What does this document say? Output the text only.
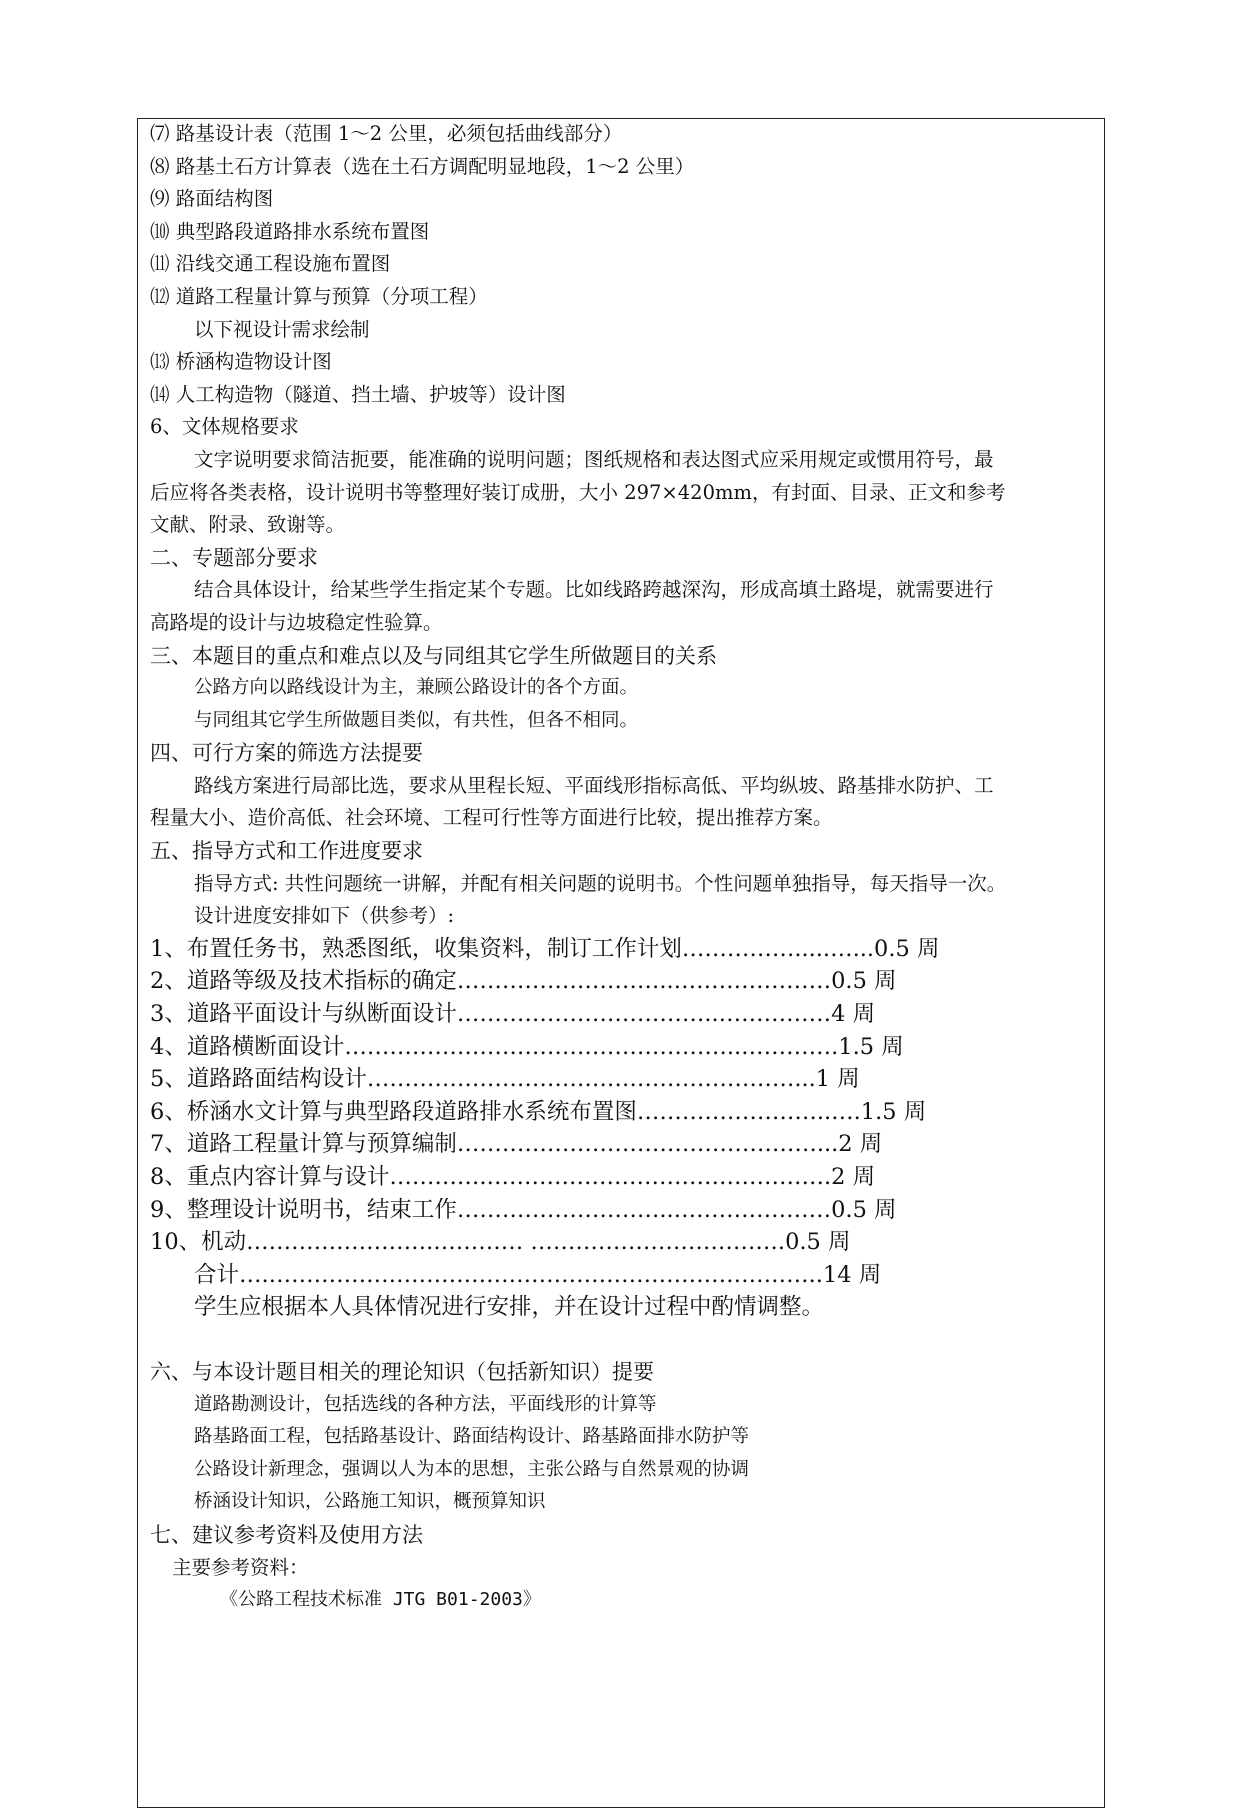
⑺ 路基设计表（范围 1～2 公里，必须包括曲线部分）
⑻ 路基土石方计算表（选在土石方调配明显地段，1～2 公里）
⑼ 路面结构图
⑽ 典型路段道路排水系统布置图
⑾ 沿线交通工程设施布置图
⑿ 道路工程量计算与预算（分项工程）
以下视设计需求绘制
⒀ 桥涵构造物设计图
⒁ 人工构造物（隧道、挡土墙、护坡等）设计图
6、文体规格要求
文字说明要求简洁扼要，能准确的说明问题；图纸规格和表达图式应采用规定或惯用符号，最
后应将各类表格，设计说明书等整理好装订成册，大小 297×420mm，有封面、目录、正文和参考
文献、附录、致谢等。
二、专题部分要求
结合具体设计，给某些学生指定某个专题。比如线路跨越深沟，形成高填土路堤，就需要进行
高路堤的设计与边坡稳定性验算。
三、本题目的重点和难点以及与同组其它学生所做题目的关系
公路方向以路线设计为主，兼顾公路设计的各个方面。
与同组其它学生所做题目类似，有共性，但各不相同。
四、可行方案的筛选方法提要
路线方案进行局部比选，要求从里程长短、平面线形指标高低、平均纵坡、路基排水防护、工
程量大小、造价高低、社会环境、工程可行性等方面进行比较，提出推荐方案。
五、指导方式和工作进度要求
指导方式: 共性问题统一讲解，并配有相关问题的说明书。个性问题单独指导，每天指导一次。
设计进度安排如下（供参考）:
1、布置任务书，熟悉图纸，收集资料，制订工作计划…………….....…...0.5 周
2、道路等级及技术指标的确定………………………..…………………0.5 周
3、道路平面设计与纵断面设计……………………………..……………4 周
4、道路横断面设计……………………………………………..………….1.5 周
5、道路路面结构设计…………………………………………………...1 周
6、桥涵水文计算与典型路段道路排水系统布置图……………………..….1.5 周
7、道路工程量计算与预算编制…………………………………………...2 周
8、重点内容计算与设计………….……………………………………….2 周
9、整理设计说明书，结束工作………………………..…………………0.5 周
10、机动…………………….………… …………………………….0.5 周
合计….………………………………………………………………..14 周
学生应根据本人具体情况进行安排，并在设计过程中酌情调整。
六、与本设计题目相关的理论知识（包括新知识）提要
道路勘测设计，包括选线的各种方法，平面线形的计算等
路基路面工程，包括路基设计、路面结构设计、路基路面排水防护等
公路设计新理念，强调以人为本的思想，主张公路与自然景观的协调
桥涵设计知识，公路施工知识，概预算知识
七、建议参考资料及使用方法
主要参考资料：
《公路工程技术标准 JTG B01-2003》
